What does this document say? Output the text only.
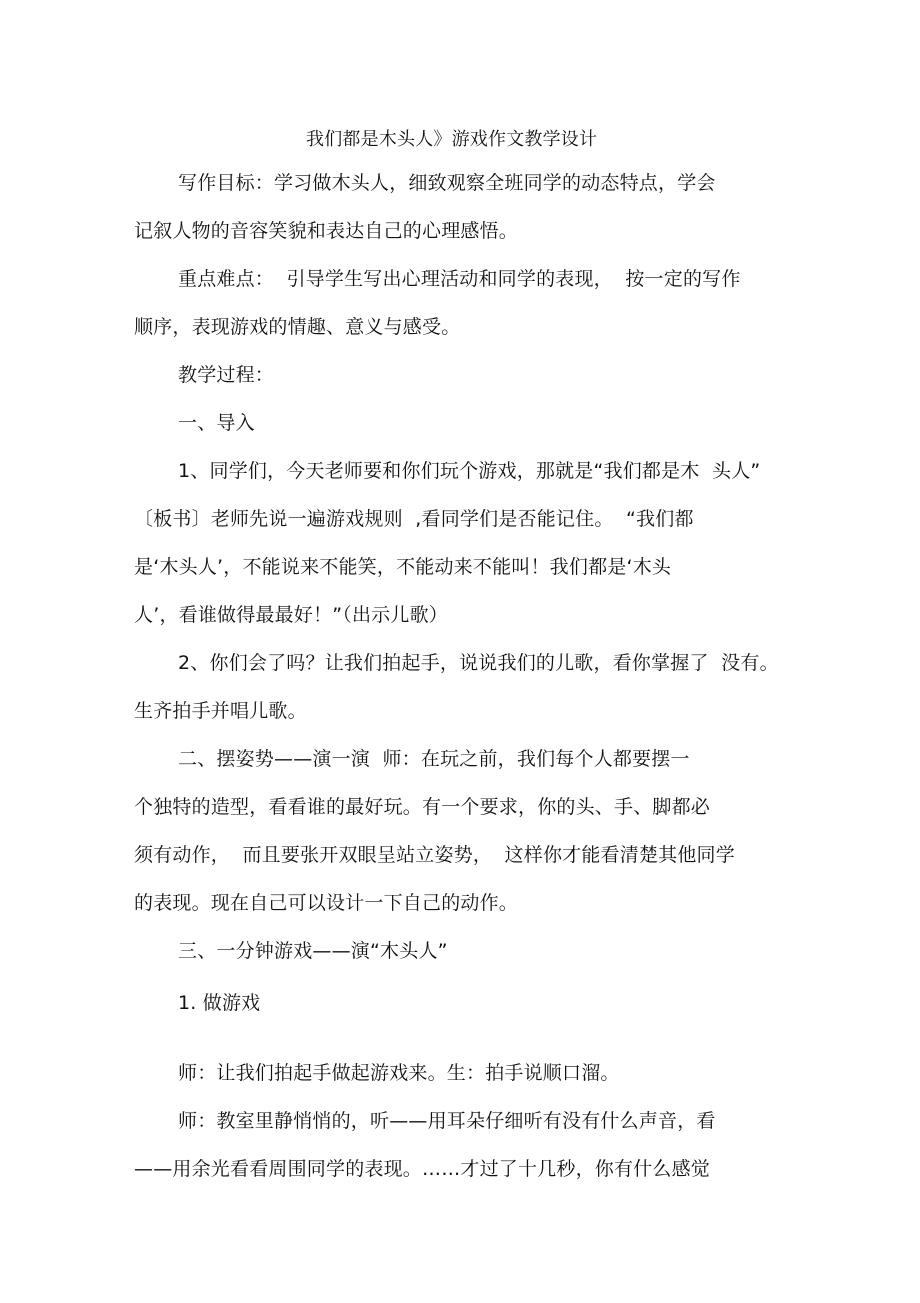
我们都是木头人》游戏作文教学设计
写作目标：学习做木头人，细致观察全班同学的动态特点，学会
记叙人物的音容笑貌和表达自己的心理感悟。
重点难点：  引导学生写出心理活动和同学的表现，  按一定的写作
顺序，表现游戏的情趣、意义与感受。
教学过程：
一、导入
1、同学们，今天老师要和你们玩个游戏，那就是“我们都是木  头人”
〔板书〕老师先说一遍游戏规则  ,看同学们是否能记住。  “我们都
是‘木头人’，不能说来不能笑，不能动来不能叫！我们都是‘木头
人’，看谁做得最最好！”（出示儿歌）
2、你们会了吗？让我们拍起手，说说我们的儿歌，看你掌握了  没有。
生齐拍手并唱儿歌。
二、摆姿势——演一演  师：在玩之前，我们每个人都要摆一
个独特的造型，看看谁的最好玩。有一个要求，你的头、手、脚都必
须有动作，  而且要张开双眼呈站立姿势，  这样你才能看清楚其他同学
的表现。现在自己可以设计一下自己的动作。
三、一分钟游戏——演“木头人”
1. 做游戏
师：让我们拍起手做起游戏来。生：拍手说顺口溜。
师：教室里静悄悄的，听——用耳朵仔细听有没有什么声音，看
——用余光看看周围同学的表现。……才过了十几秒，你有什么感觉
